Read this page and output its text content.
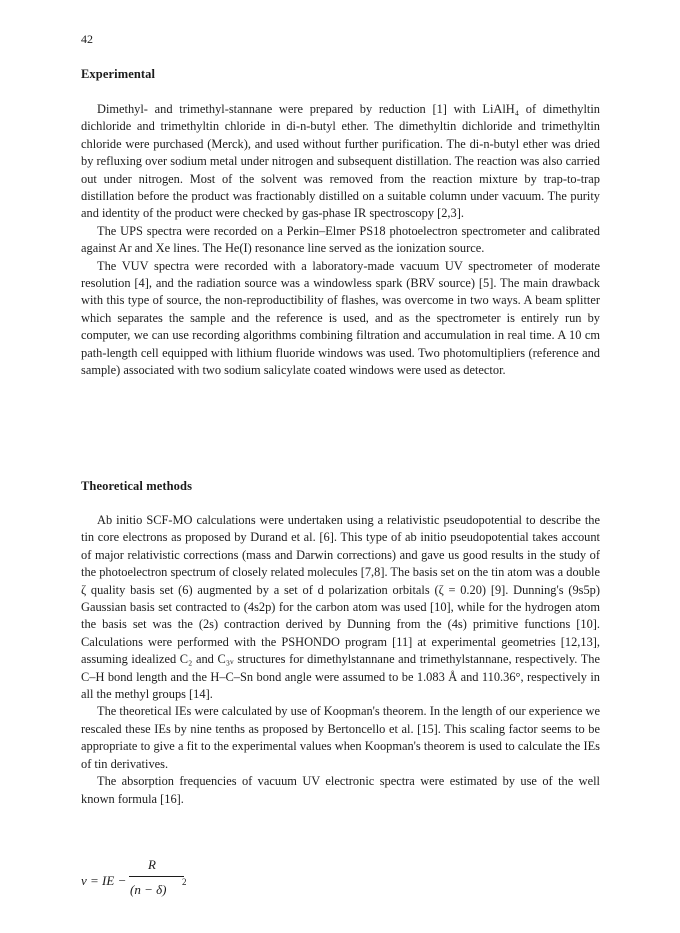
42
Experimental

Dimethyl- and trimethyl-stannane were prepared by reduction [1] with LiAlH₄ of dimethyltin dichloride and trimethyltin chloride in di-n-butyl ether. The dimethyltin dichloride and trimethyltin chloride were purchased (Merck), and used without further purification. The di-n-butyl ether was dried by refluxing over sodium metal under nitrogen and subsequent distillation. The reaction was also carried out under nitrogen. Most of the solvent was removed from the reaction mixture by trap-to-trap distillation before the product was fractionably distilled on a suitable column under vacuum. The purity and identity of the product were checked by gas-phase IR spectroscopy [2,3].

The UPS spectra were recorded on a Perkin–Elmer PS18 photoelectron spectrometer and calibrated against Ar and Xe lines. The He(I) resonance line served as the ionization source.

The VUV spectra were recorded with a laboratory-made vacuum UV spectrometer of moderate resolution [4], and the radiation source was a windowless spark (BRV source) [5]. The main drawback with this type of source, the non-reproductibility of flashes, was overcome in two ways. A beam splitter which separates the sample and the reference is used, and as the spectrometer is entirely run by computer, we can use recording algorithms combining filtration and accumulation in real time. A 10 cm path-length cell equipped with lithium fluoride windows was used. Two photomultipliers (reference and sample) associated with two sodium salicylate coated windows were used as detector.

Theoretical methods

Ab initio SCF-MO calculations were undertaken using a relativistic pseudopotential to describe the tin core electrons as proposed by Durand et al. [6]. This type of ab initio pseudopotential takes account of major relativistic corrections (mass and Darwin corrections) and gave us good results in the study of the photoelectron spectrum of closely related molecules [7,8]. The basis set on the tin atom was a double ζ quality basis set (6) augmented by a set of d polarization orbitals (ζ = 0.20) [9]. Dunning's (9s5p) Gaussian basis set contracted to (4s2p) for the carbon atom was used [10], while for the hydrogen atom the basis set was the (2s) contraction derived by Dunning from the (4s) primitive functions [10]. Calculations were performed with the PSHONDO program [11] at experimental geometries [12,13], assuming idealized C₂ and C₃ᵥ structures for dimethylstannane and trimethylstannane, respectively. The C–H bond length and the H–C–Sn bond angle were assumed to be 1.083 Å and 110.36°, respectively in all the methyl groups [14].

The theoretical IEs were calculated by use of Koopman's theorem. In the length of our experience we rescaled these IEs by nine tenths as proposed by Bertoncello et al. [15]. This scaling factor seems to be appropriate to give a fit to the experimental values when Koopman's theorem is used to calculate the IEs of tin derivatives.

The absorption frequencies of vacuum UV electronic spectra were estimated by use of the well known formula [16].

ν = IE −
R
(n − δ) 2
